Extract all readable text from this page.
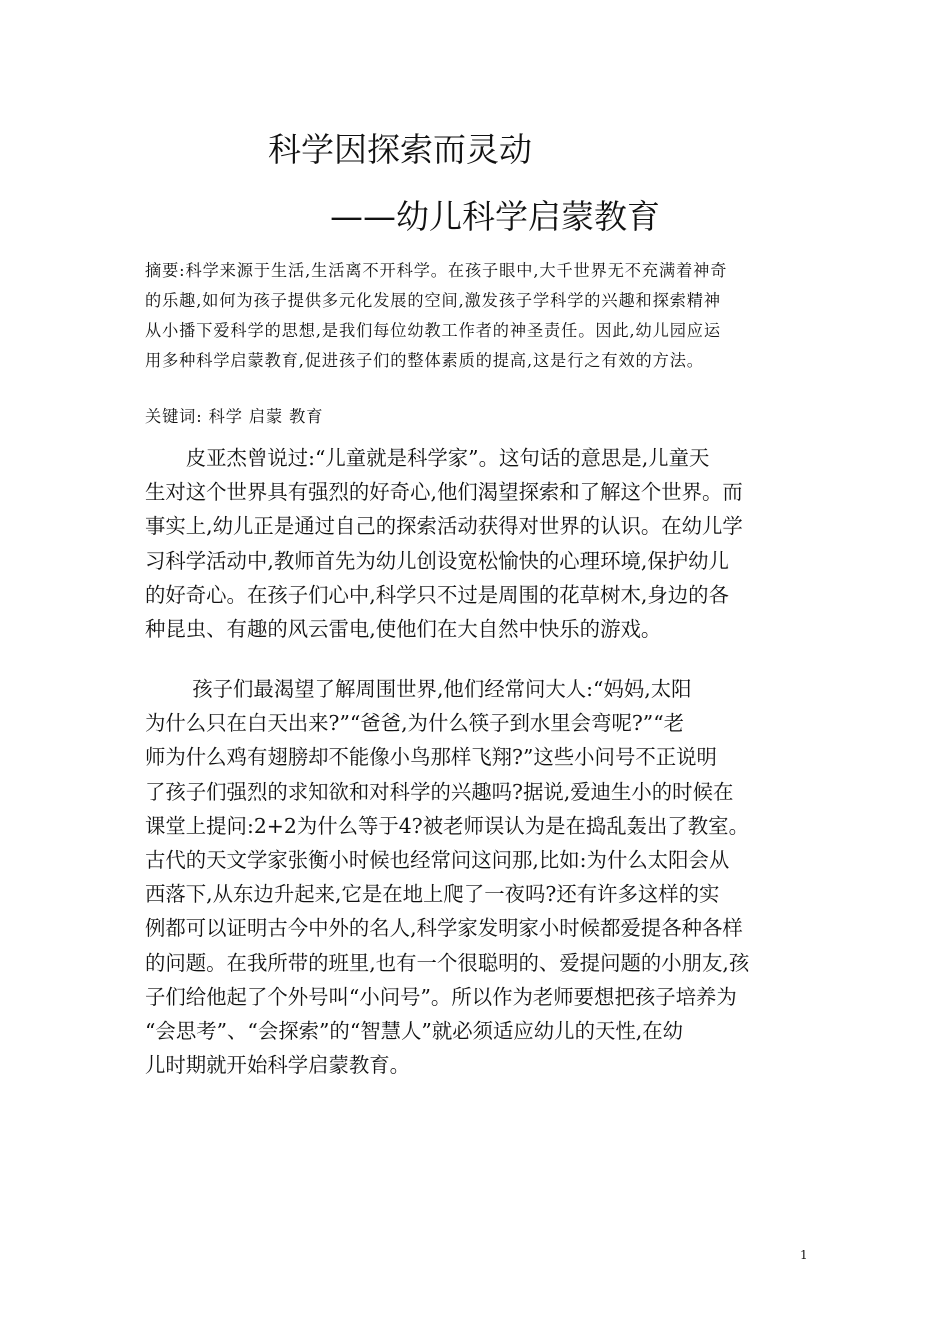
科学因探索而灵动
——幼儿科学启蒙教育

摘要:科学来源于生活,生活离不开科学。在孩子眼中,大千世界无不充满着神奇

的乐趣,如何为孩子提供多元化发展的空间,激发孩子学科学的兴趣和探索精神

从小播下爱科学的思想,是我们每位幼教工作者的神圣责任。因此,幼儿园应运

用多种科学启蒙教育,促进孩子们的整体素质的提高,这是行之有效的方法。

关键词: 科学 启蒙 教育

　　皮亚杰曾说过:“儿童就是科学家”。这句话的意思是,儿童天

生对这个世界具有强烈的好奇心,他们渴望探索和了解这个世界。而

事实上,幼儿正是通过自己的探索活动获得对世界的认识。在幼儿学

习科学活动中,教师首先为幼儿创设宽松愉快的心理环境,保护幼儿

的好奇心。在孩子们心中,科学只不过是周围的花草树木,身边的各

种昆虫、有趣的风云雷电,使他们在大自然中快乐的游戏。

　　 孩子们最渴望了解周围世界,他们经常问大人:“妈妈,太阳

为什么只在白天出来?”“爸爸,为什么筷子到水里会弯呢?”“老

师为什么鸡有翅膀却不能像小鸟那样飞翔?”这些小问号不正说明

了孩子们强烈的求知欲和对科学的兴趣吗?据说,爱迪生小的时候在

课堂上提问:2+2为什么等于4?被老师误认为是在捣乱轰出了教室。

古代的天文学家张衡小时候也经常问这问那,比如:为什么太阳会从

西落下,从东边升起来,它是在地上爬了一夜吗?还有许多这样的实

例都可以证明古今中外的名人,科学家发明家小时候都爱提各种各样

的问题。在我所带的班里,也有一个很聪明的、爱提问题的小朋友,孩

子们给他起了个外号叫“小问号”。所以作为老师要想把孩子培养为

“会思考”、“会探索”的“智慧人”就必须适应幼儿的天性,在幼

儿时期就开始科学启蒙教育。

1
